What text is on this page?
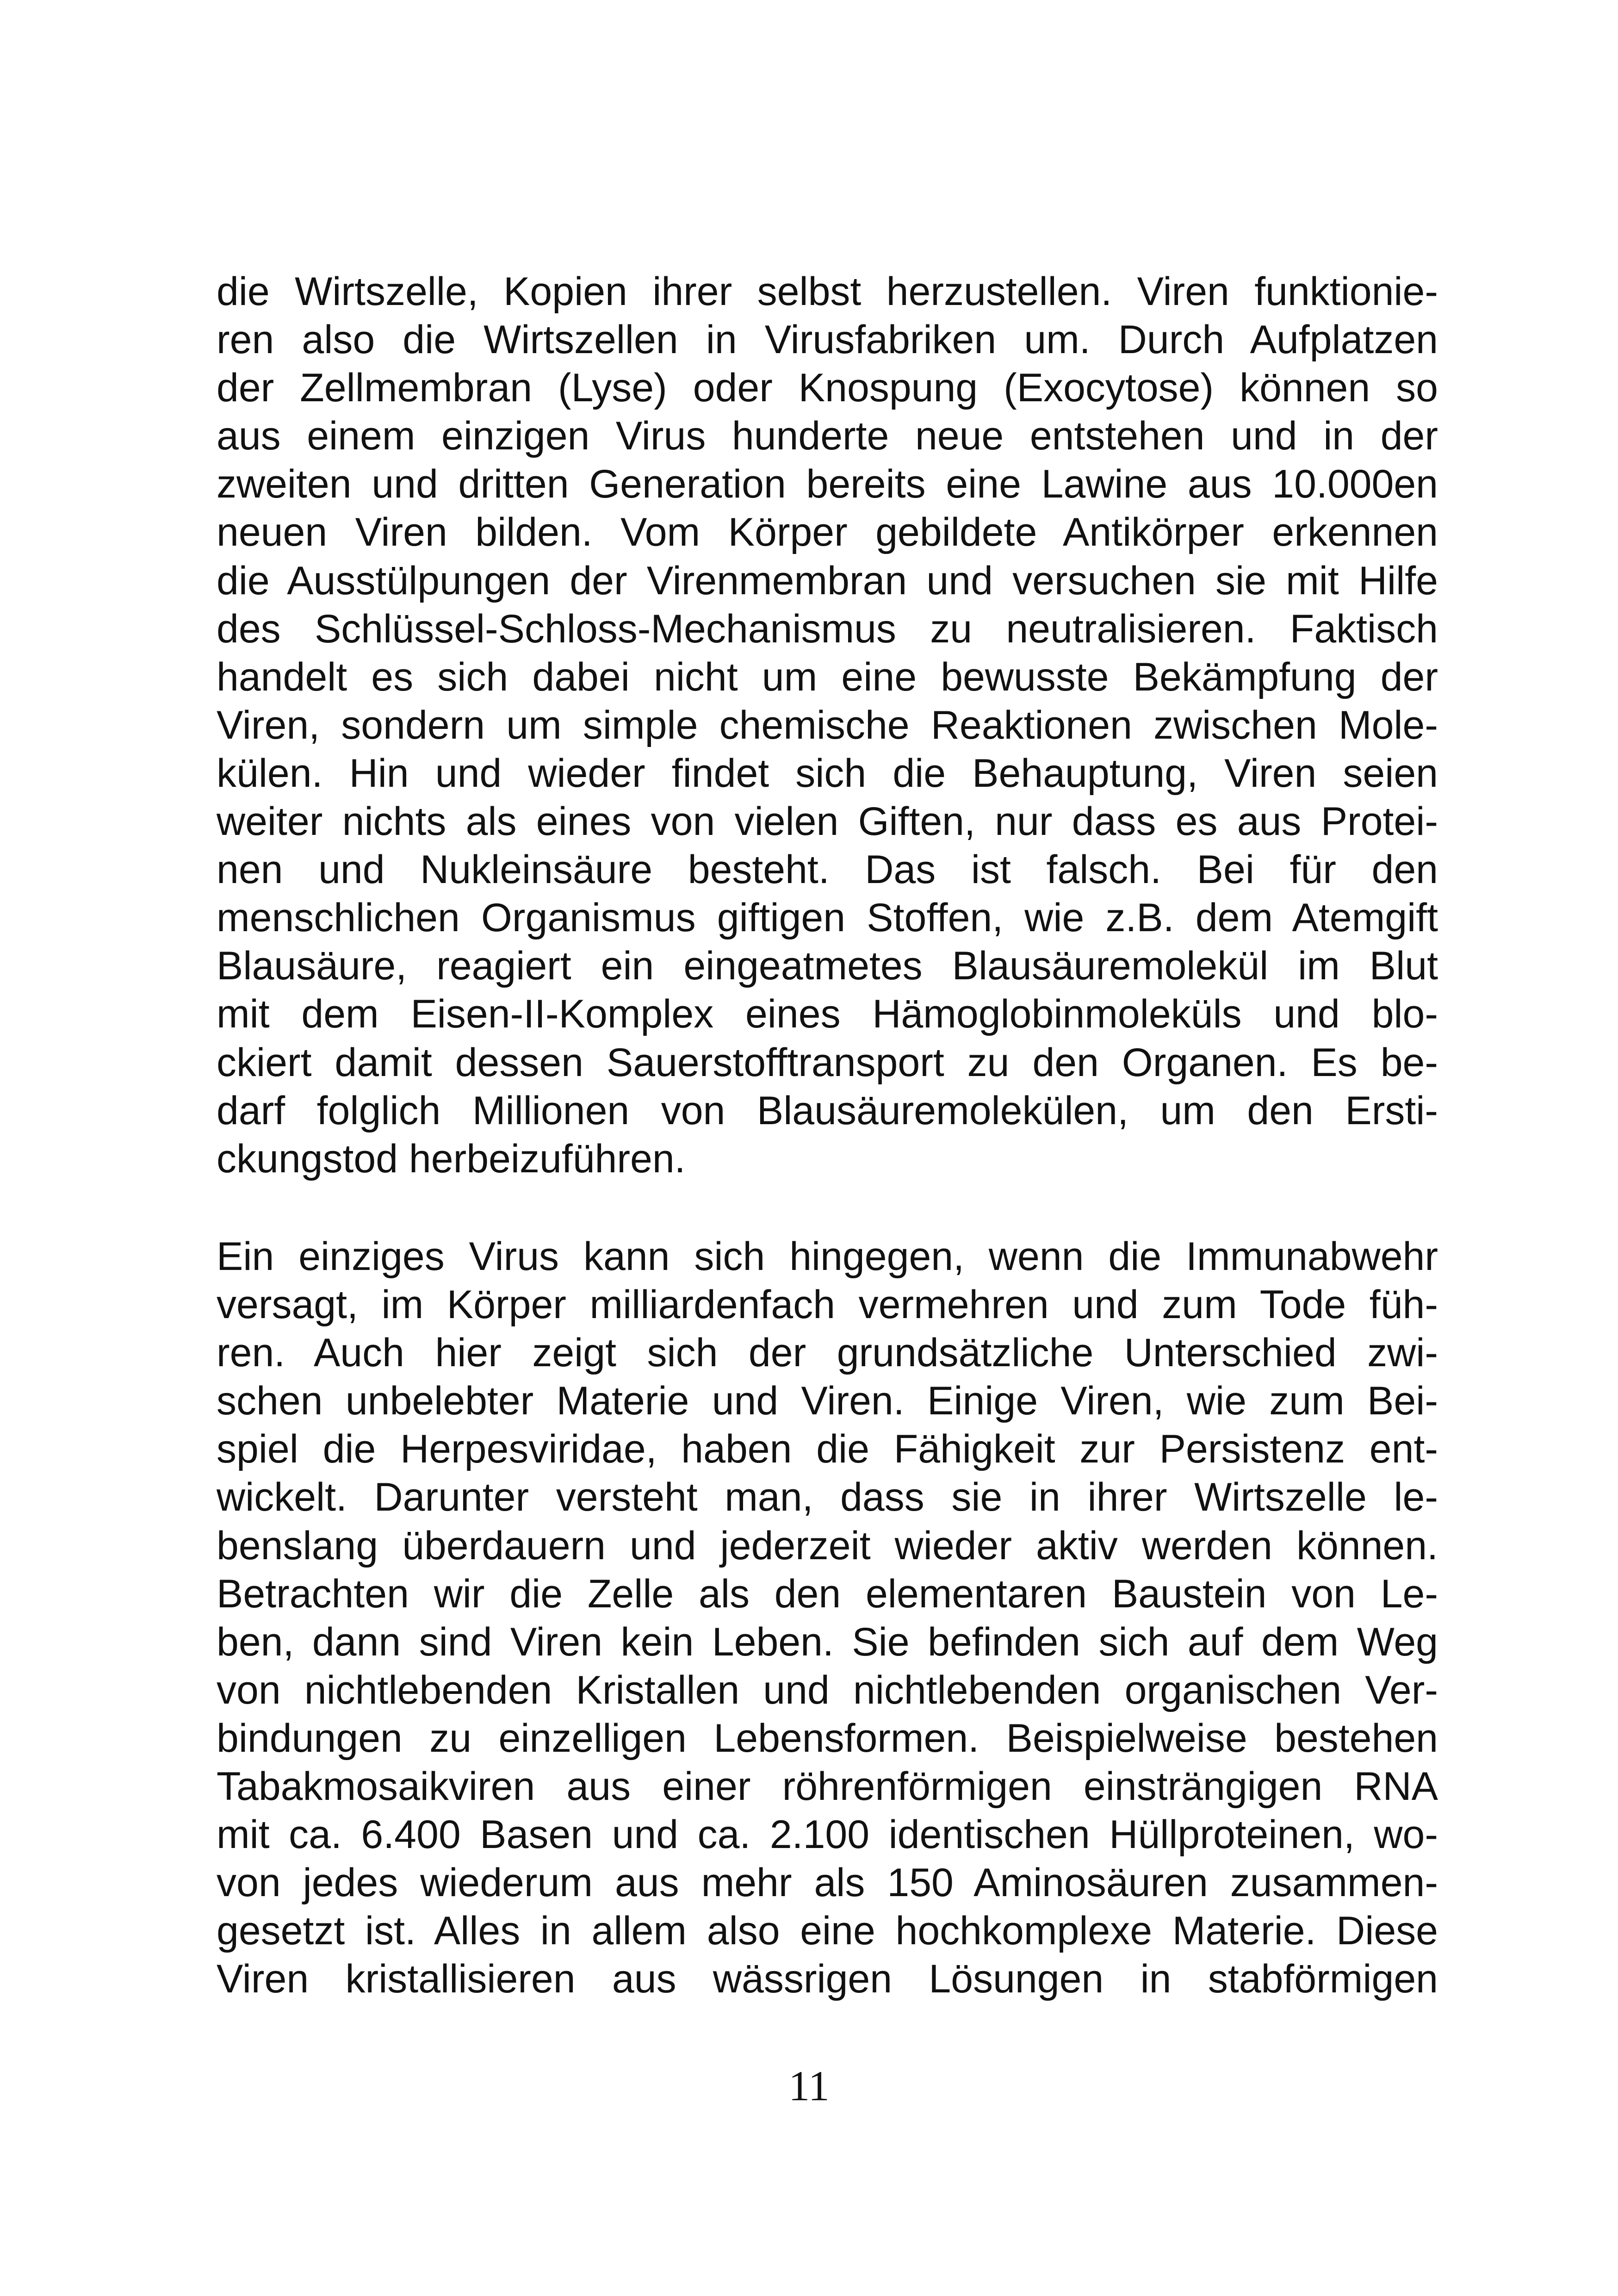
die Wirtszelle, Kopien ihrer selbst herzustellen. Viren funktionie-
ren also die Wirtszellen in Virusfabriken um. Durch Aufplatzen
der Zellmembran (Lyse) oder Knospung (Exocytose) können so
aus einem einzigen Virus hunderte neue entstehen und in der
zweiten und dritten Generation bereits eine Lawine aus 10.000en
neuen Viren bilden. Vom Körper gebildete Antikörper erkennen
die Ausstülpungen der Virenmembran und versuchen sie mit Hilfe
des Schlüssel-Schloss-Mechanismus zu neutralisieren. Faktisch
handelt es sich dabei nicht um eine bewusste Bekämpfung der
Viren, sondern um simple chemische Reaktionen zwischen Mole-
külen. Hin und wieder findet sich die Behauptung, Viren seien
weiter nichts als eines von vielen Giften, nur dass es aus Protei-
nen und Nukleinsäure besteht. Das ist falsch. Bei für den
menschlichen Organismus giftigen Stoffen, wie z.B. dem Atemgift
Blausäure, reagiert ein eingeatmetes Blausäuremolekül im Blut
mit dem Eisen-II-Komplex eines Hämoglobinmoleküls und blo-
ckiert damit dessen Sauerstofftransport zu den Organen. Es be-
darf folglich Millionen von Blausäuremolekülen, um den Ersti-
ckungstod herbeizuführen.
Ein einziges Virus kann sich hingegen, wenn die Immunabwehr
versagt, im Körper milliardenfach vermehren und zum Tode füh-
ren. Auch hier zeigt sich der grundsätzliche Unterschied zwi-
schen unbelebter Materie und Viren. Einige Viren, wie zum Bei-
spiel die Herpesviridae, haben die Fähigkeit zur Persistenz ent-
wickelt. Darunter versteht man, dass sie in ihrer Wirtszelle le-
benslang überdauern und jederzeit wieder aktiv werden können.
Betrachten wir die Zelle als den elementaren Baustein von Le-
ben, dann sind Viren kein Leben. Sie befinden sich auf dem Weg
von nichtlebenden Kristallen und nichtlebenden organischen Ver-
bindungen zu einzelligen Lebensformen. Beispielweise bestehen
Tabakmosaikviren aus einer röhrenförmigen einsträngigen RNA
mit ca. 6.400 Basen und ca. 2.100 identischen Hüllproteinen, wo-
von jedes wiederum aus mehr als 150 Aminosäuren zusammen-
gesetzt ist. Alles in allem also eine hochkomplexe Materie. Diese
Viren kristallisieren aus wässrigen Lösungen in stabförmigen
11
